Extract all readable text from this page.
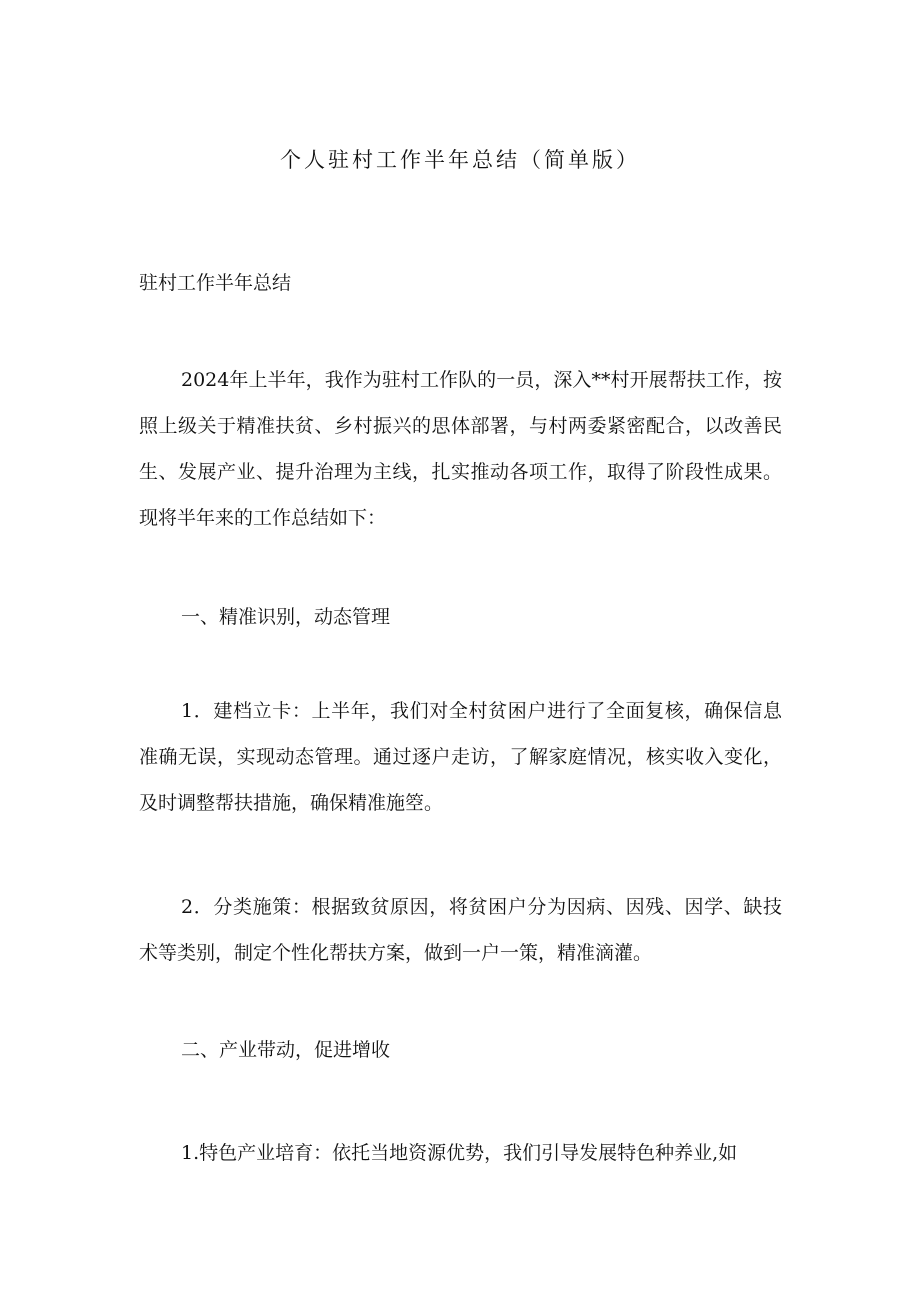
个人驻村工作半年总结（简单版）
驻村工作半年总结

2024年上半年，我作为驻村工作队的一员，深入**村开展帮扶工作，按照上级关于精准扶贫、乡村振兴的思体部署，与村两委紧密配合，以改善民生、发展产业、提升治理为主线，扎实推动各项工作，取得了阶段性成果。现将半年来的工作总结如下：

一、精准识别，动态管理

1．建档立卡：上半年，我们对全村贫困户进行了全面复核，确保信息准确无误，实现动态管理。通过逐户走访，了解家庭情况，核实收入变化，及时调整帮扶措施，确保精准施箜。

2．分类施策：根据致贫原因，将贫困户分为因病、因残、因学、缺技术等类别，制定个性化帮扶方案，做到一户一策，精准滴灌。

二、产业带动，促进增收

1.特色产业培育：依托当地资源优势，我们引导发展特色种养业,如
